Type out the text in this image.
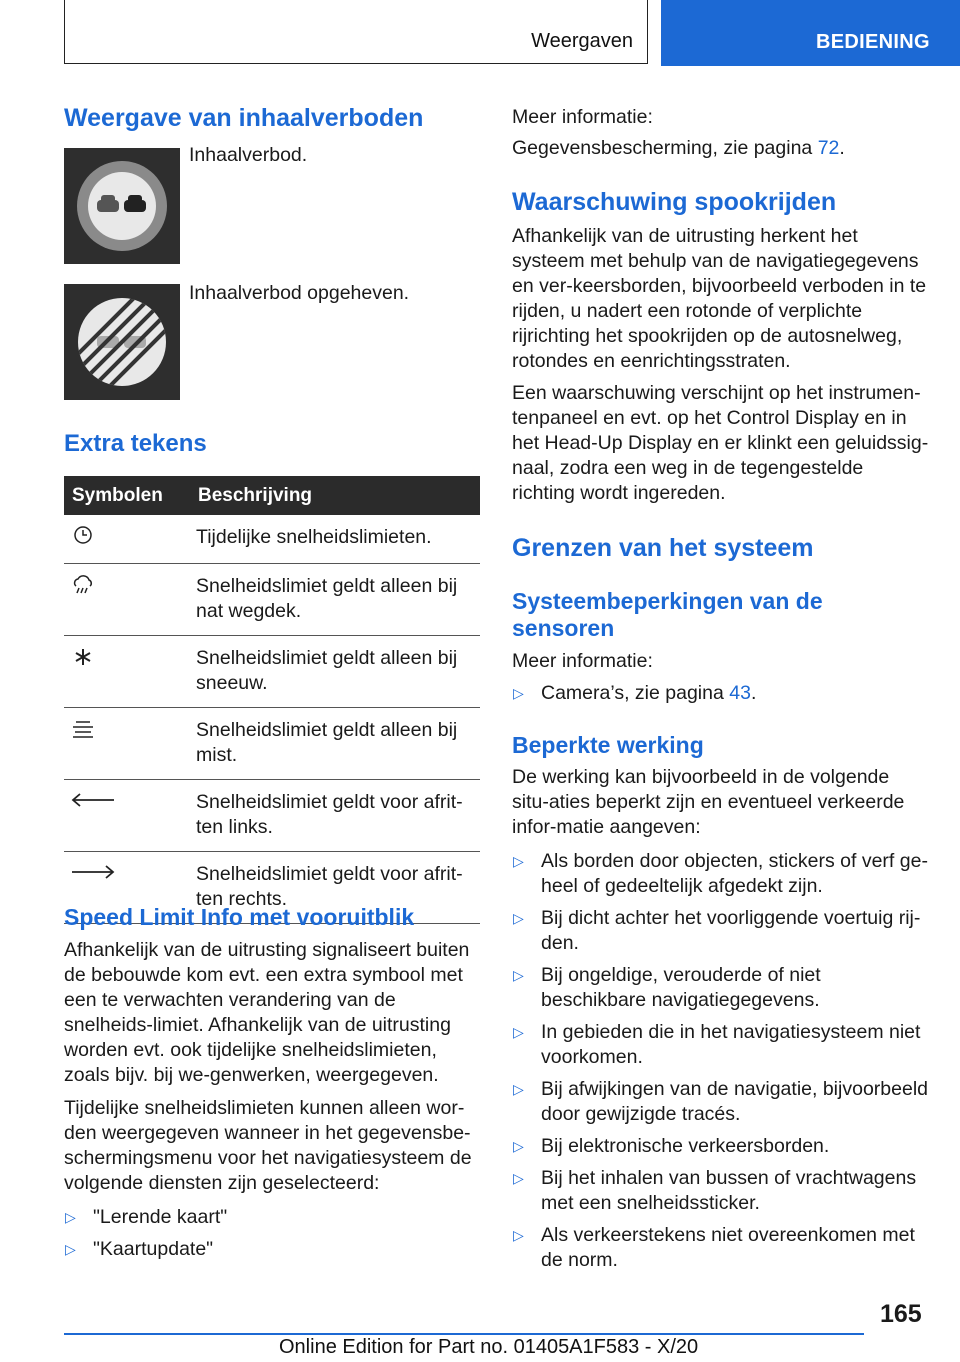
Weergaven	BEDIENING
Weergave van inhaalverboden
Inhaalverbod.
Inhaalverbod opgeheven.
Extra tekens
Symbolen	Beschrijving
	Tijdelijke snelheidslimieten.
	Snelheidslimiet geldt alleen bij nat wegdek.
	Snelheidslimiet geldt alleen bij sneeuw.
	Snelheidslimiet geldt alleen bij mist.
	Snelheidslimiet geldt voor afrit-ten links.
	Snelheidslimiet geldt voor afrit-ten rechts.
Speed Limit Info met vooruitblik
Afhankelijk van de uitrusting signaliseert buiten de bebouwde kom evt. een extra symbool met een te verwachten verandering van de snelheids-limiet. Afhankelijk van de uitrusting worden evt. ook tijdelijke snelheidslimieten, zoals bijv. bij we-genwerken, weergegeven.
Tijdelijke snelheidslimieten kunnen alleen wor-den weergegeven wanneer in het gegevensbe-schermingsmenu voor het navigatiesysteem de volgende diensten zijn geselecteerd:
▷ "Lerende kaart"
▷ "Kaartupdate"
Meer informatie:
Gegevensbescherming, zie pagina 72.
Waarschuwing spookrijden
Afhankelijk van de uitrusting herkent het systeem met behulp van de navigatiegegevens en ver-keersborden, bijvoorbeeld verboden in te rijden, u nadert een rotonde of verplichte rijrichting het spookrijden op de autosnelweg, rotondes en eenrichtingsstraten.
Een waarschuwing verschijnt op het instrumen-tenpaneel en evt. op het Control Display en in het Head-Up Display en er klinkt een geluidssig-naal, zodra een weg in de tegengestelde richting wordt ingereden.
Grenzen van het systeem
Systeembeperkingen van de sensoren
Meer informatie:
▷ Camera’s, zie pagina 43.
Beperkte werking
De werking kan bijvoorbeeld in de volgende situ-aties beperkt zijn en eventueel verkeerde infor-matie aangeven:
▷ Als borden door objecten, stickers of verf ge-heel of gedeeltelijk afgedekt zijn.
▷ Bij dicht achter het voorliggende voertuig rij-den.
▷ Bij ongeldige, verouderde of niet beschikbare navigatiegegevens.
▷ In gebieden die in het navigatiesysteem niet voorkomen.
▷ Bij afwijkingen van de navigatie, bijvoorbeeld door gewijzigde tracés.
▷ Bij elektronische verkeersborden.
▷ Bij het inhalen van bussen of vrachtwagens met een snelheidssticker.
▷ Als verkeerstekens niet overeenkomen met de norm.
165
Online Edition for Part no. 01405A1F583 - X/20
